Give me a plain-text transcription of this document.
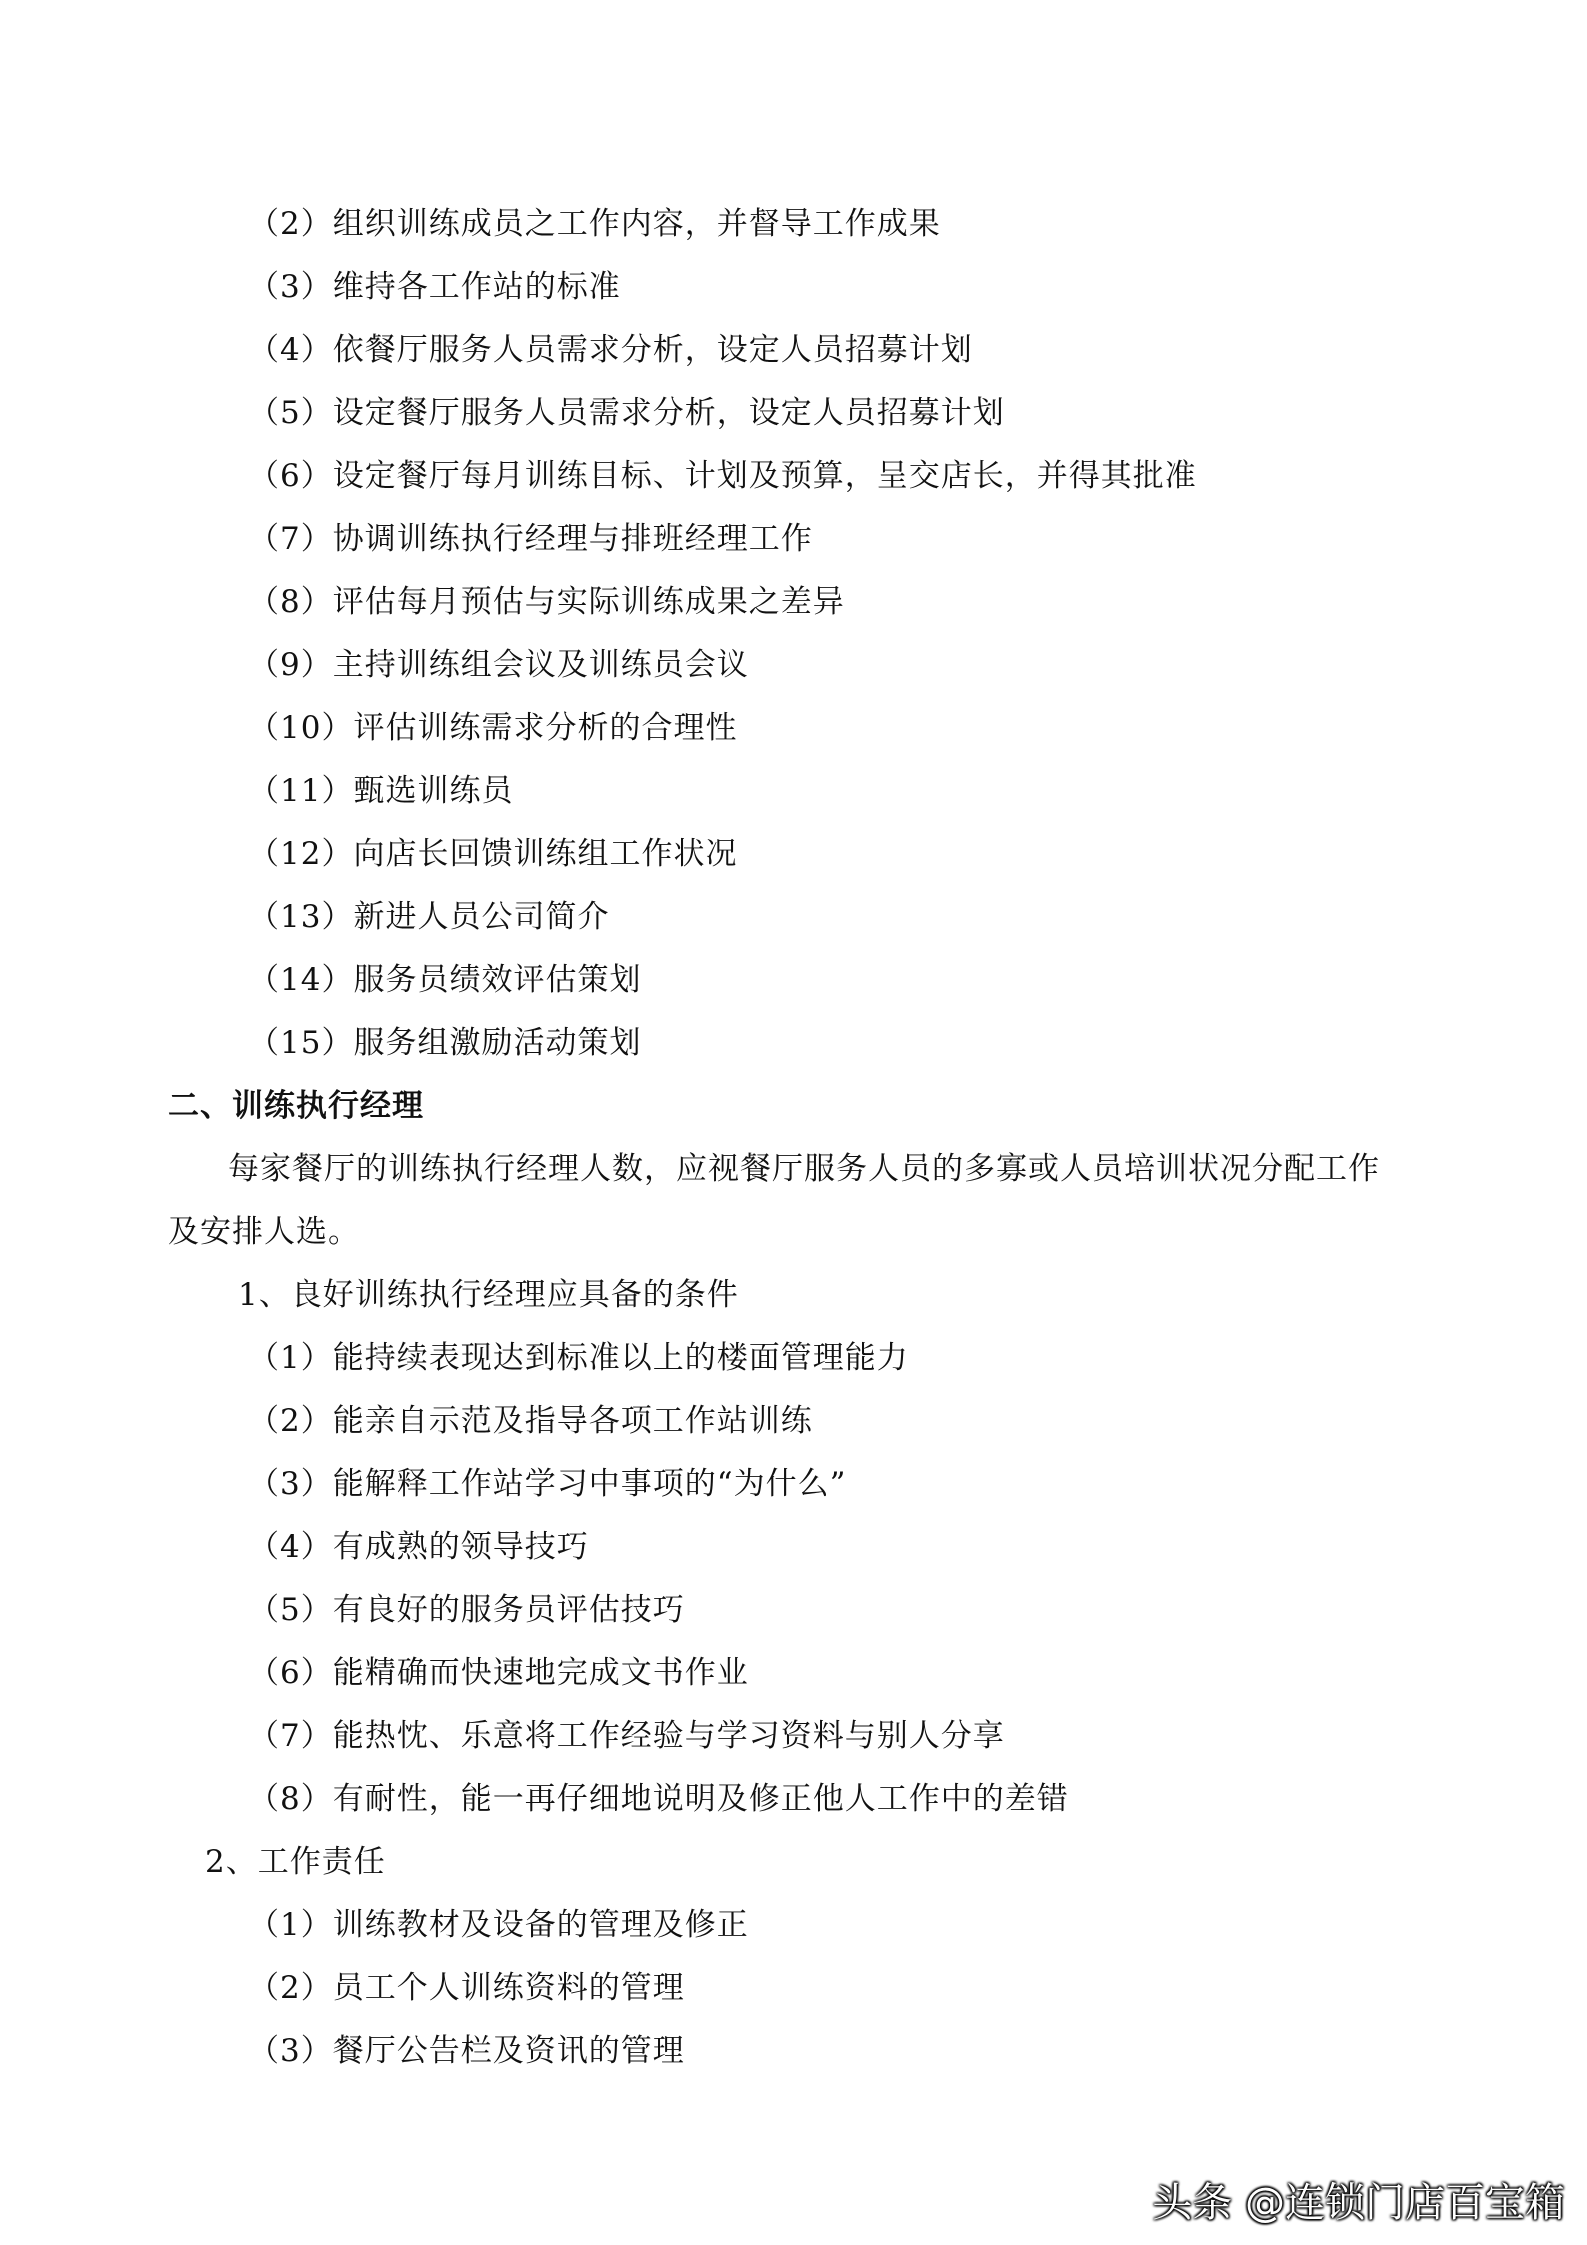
（2）组织训练成员之工作内容，并督导工作成果
（3）维持各工作站的标准
（4）依餐厅服务人员需求分析，设定人员招募计划
（5）设定餐厅服务人员需求分析，设定人员招募计划
（6）设定餐厅每月训练目标、计划及预算，呈交店长，并得其批准
（7）协调训练执行经理与排班经理工作
（8）评估每月预估与实际训练成果之差异
（9）主持训练组会议及训练员会议
（10）评估训练需求分析的合理性
（11）甄选训练员
（12）向店长回馈训练组工作状况
（13）新进人员公司简介
（14）服务员绩效评估策划
（15）服务组激励活动策划
二、训练执行经理
每家餐厅的训练执行经理人数，应视餐厅服务人员的多寡或人员培训状况分配工作
及安排人选。
1、良好训练执行经理应具备的条件
（1）能持续表现达到标准以上的楼面管理能力
（2）能亲自示范及指导各项工作站训练
（3）能解释工作站学习中事项的“为什么”
（4）有成熟的领导技巧
（5）有良好的服务员评估技巧
（6）能精确而快速地完成文书作业
（7）能热忱、乐意将工作经验与学习资料与别人分享
（8）有耐性，能一再仔细地说明及修正他人工作中的差错
2、工作责任
（1）训练教材及设备的管理及修正
（2）员工个人训练资料的管理
（3）餐厅公告栏及资讯的管理
头条 @连锁门店百宝箱
